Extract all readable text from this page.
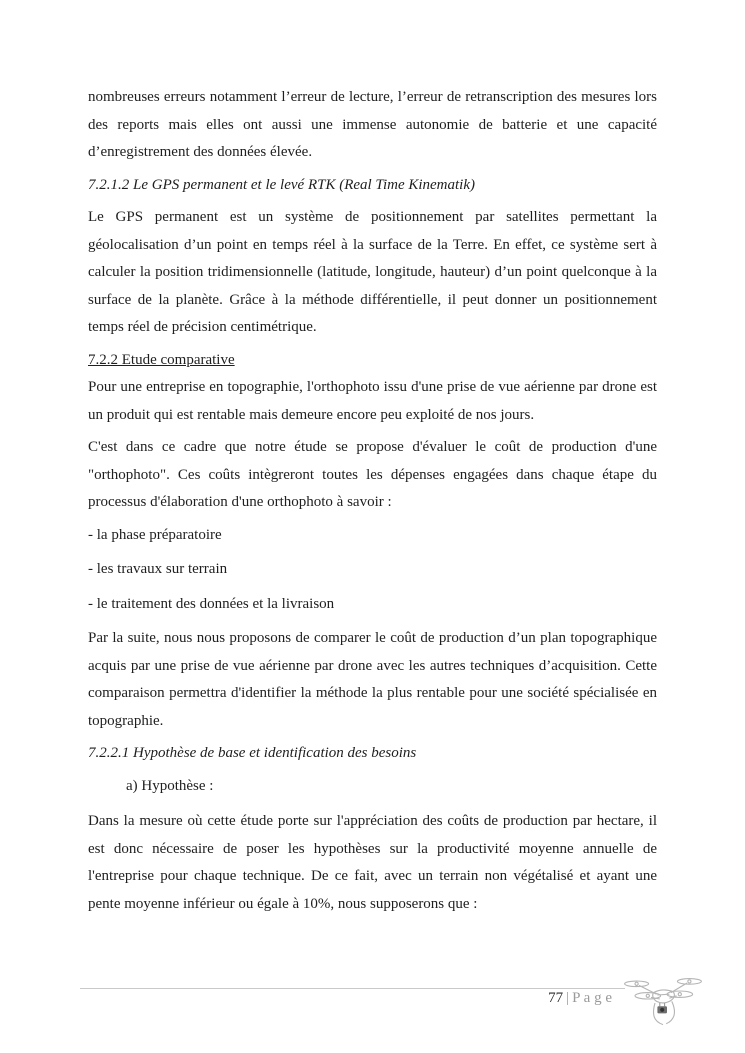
nombreuses erreurs notamment l’erreur de lecture, l’erreur de retranscription des mesures lors des reports mais elles ont aussi une immense autonomie de batterie et une capacité d’enregistrement des données élevée.

7.2.1.2 Le GPS permanent et le levé RTK (Real Time Kinematik)

Le GPS permanent est un système de positionnement par satellites permettant la géolocalisation d’un point en temps réel à la surface de la Terre. En effet, ce système sert à calculer la position tridimensionnelle (latitude, longitude, hauteur) d’un point quelconque à la surface de la planète. Grâce à la méthode différentielle, il peut donner un positionnement temps réel de précision centimétrique.

7.2.2 Etude comparative

Pour une entreprise en topographie, l'orthophoto issu d'une prise de vue aérienne par drone est un produit qui est rentable mais demeure encore peu exploité de nos jours.

C'est dans ce cadre que notre étude se propose d'évaluer le coût de production d'une "orthophoto". Ces coûts intègreront toutes les dépenses engagées dans chaque étape du processus d'élaboration d'une orthophoto à savoir :

- la phase préparatoire
- les travaux sur terrain
- le traitement des données et la livraison

Par la suite, nous nous proposons de comparer le coût de production d’un plan topographique acquis par une prise de vue aérienne par drone avec les autres techniques d’acquisition. Cette comparaison permettra d'identifier la méthode la plus rentable pour une société spécialisée en topographie.

7.2.2.1 Hypothèse de base et identification des besoins
a) Hypothèse :

Dans la mesure où cette étude porte sur l'appréciation des coûts de production par hectare, il est donc nécessaire de poser les hypothèses sur la productivité moyenne annuelle de l'entreprise pour chaque technique. De ce fait, avec un terrain non végétalisé et ayant une pente moyenne inférieur ou égale à 10%, nous supposerons que :

77 | P a g e
